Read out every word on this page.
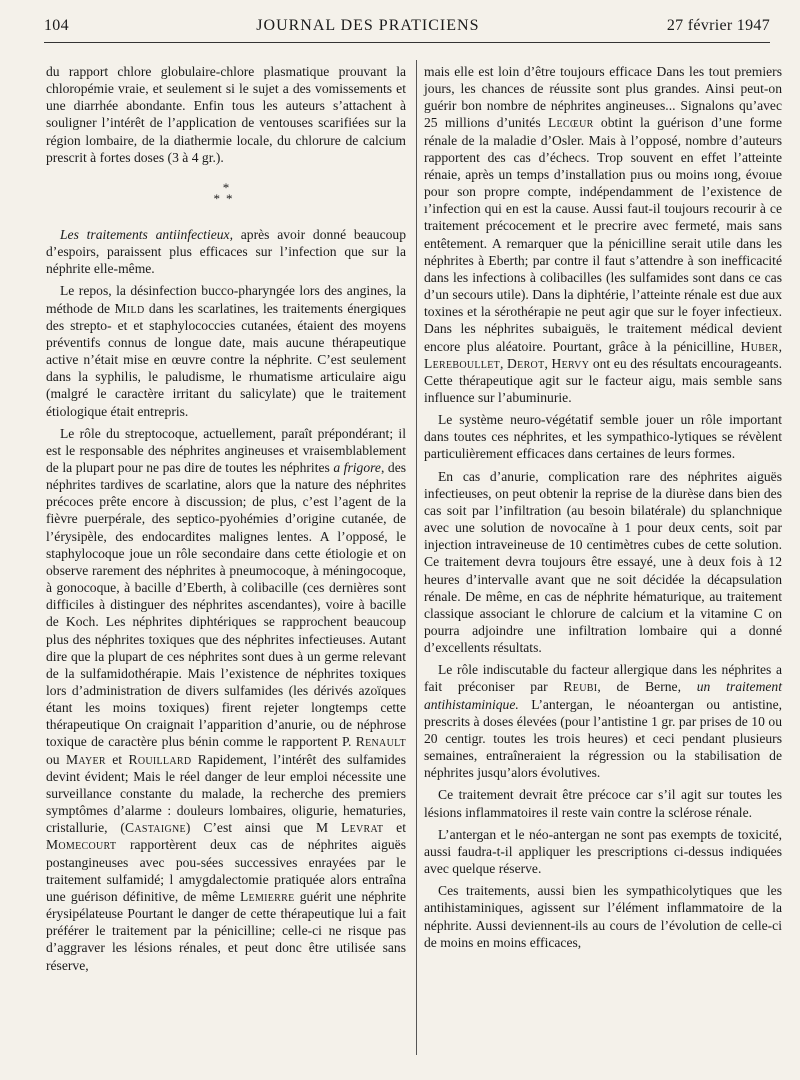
104	JOURNAL DES PRATICIENS	27 février 1947

du rapport chlore globulaire-chlore plasmatique prouvant la chloropémie vraie, et seulement si le sujet a des vomissements et une diarrhée abondante. Enfin tous les auteurs s’attachent à souligner l’intérêt de l’application de ventouses scarifiées sur la région lombaire, de la diathermie locale, du chlorure de calcium prescrit à fortes doses (3 à 4 gr.).

*
**

Les traitements antiinfectieux, après avoir donné beaucoup d’espoirs, paraissent plus efficaces sur l’infection que sur la néphrite elle-même.

Le repos, la désinfection bucco-pharyngée lors des angines, la méthode de Mild dans les scarlatines, les traitements énergiques des strepto- et et staphylococcies cutanées, étaient des moyens préventifs connus de longue date, mais aucune thérapeutique active n’était mise en œuvre contre la néphrite. C’est seulement dans la syphilis, le paludisme, le rhumatisme articulaire aigu (malgré le caractère irritant du salicylate) que le traitement étiologique était entrepris.

Le rôle du streptocoque, actuellement, paraît prépondérant; il est le responsable des néphrites angineuses et vraisemblablement de la plupart pour ne pas dire de toutes les néphrites a frigore, des néphrites tardives de scarlatine, alors que la nature des néphrites précoces prête encore à discussion; de plus, c’est l’agent de la fièvre puerpérale, des septico-pyohémies d’origine cutanée, de l’érysipèle, des endocardites malignes lentes. A l’opposé, le staphylocoque joue un rôle secondaire dans cette étiologie et on observe rarement des néphrites à pneumocoque, à méningocoque, à gonocoque, à bacille d’Eberth, à colibacille (ces dernières sont difficiles à distinguer des néphrites ascendantes), voire à bacille de Koch. Les néphrites diphtériques se rapprochent beaucoup plus des néphrites toxiques que des néphrites infectieuses. Autant dire que la plupart de ces néphrites sont dues à un germe relevant de la sulfamidothérapie. Mais l’existence de néphrites toxiques lors d’administration de divers sulfamides (les dérivés azoïques étant les moins toxiques) firent rejeter longtemps cette thérapeutique On craignait l’apparition d’anurie, ou de néphrose toxique de caractère plus bénin comme le rapportent P. Renault ou Mayer et Rouillard Rapidement, l’intérêt des sulfamides devint évident; Mais le réel danger de leur emploi nécessite une surveillance constante du malade, la recherche des premiers symptômes d’alarme : douleurs lombaires, oligurie, hematuries, cristallurie, (Castaigne) C’est ainsi que M Levrat et Momecourt rapportèrent deux cas de néphrites aiguës postangineuses avec pou-sées successives enrayées par le traitement sulfamidé; l amygdalectomie pratiquée alors entraîna une guérison définitive, de même Lemierre guérit une néphrite érysipélateuse Pourtant le danger de cette thérapeutique lui a fait préférer le traitement par la pénicilline; celle-ci ne risque pas d’aggraver les lésions rénales, et peut donc être utilisée sans réserve,

mais elle est loin d’être toujours efficace Dans les tout premiers jours, les chances de réussite sont plus grandes. Ainsi peut-on guérir bon nombre de néphrites angineuses... Signalons qu’avec 25 millions d’unités Lecœur obtint la guérison d’une forme rénale de la maladie d’Osler. Mais à l’opposé, nombre d’auteurs rapportent des cas d’échecs. Trop souvent en effet l’atteinte rénaie, après un temps d’installation pıus ou moins ıong, évoıue pour son propre compte, indépendamment de l’existence de ı’infection qui en est la cause. Aussi faut-il toujours recourir à ce traitement précocement et le precrire avec fermeté, mais sans entêtement. A remarquer que la pénicilline serait utile dans les néphrites à Eberth; par contre il faut s’attendre à son inefficacité dans les infections à colibacilles (les sulfamides sont dans ce cas d’un secours utile). Dans la diphtérie, l’atteinte rénale est due aux toxines et la sérothérapie ne peut agir que sur le foyer infectieux. Dans les néphrites subaiguës, le traitement médical devient encore plus aléatoire. Pourtant, grâce à la pénicilline, Huber, Lereboullet, Derot, Hervy ont eu des résultats encourageants. Cette thérapeutique agit sur le facteur aigu, mais semble sans influence sur l’abuminurie.

Le système neuro-végétatif semble jouer un rôle important dans toutes ces néphrites, et les sympathico-lytiques se révèlent particulièrement efficaces dans certaines de leurs formes.

En cas d’anurie, complication rare des néphrites aiguës infectieuses, on peut obtenir la reprise de la diurèse dans bien des cas soit par l’infiltration (au besoin bilatérale) du splanchnique avec une solution de novocaïne à 1 pour deux cents, soit par injection intraveineuse de 10 centimètres cubes de cette solution. Ce traitement devra toujours être essayé, une à deux fois à 12 heures d’intervalle avant que ne soit décidée la décapsulation rénale. De même, en cas de néphrite hématurique, au traitement classique associant le chlorure de calcium et la vitamine C on pourra adjoindre une infiltration lombaire qui a donné d’excellents résultats.

Le rôle indiscutable du facteur allergique dans les néphrites a fait préconiser par Reubi, de Berne, un traitement antihistaminique. L’antergan, le néoantergan ou antistine, prescrits à doses élevées (pour l’antistine 1 gr. par prises de 10 ou 20 centigr. toutes les trois heures) et ceci pendant plusieurs semaines, entraîneraient la régression ou la stabilisation de néphrites jusqu’alors évolutives.

Ce traitement devrait être précoce car s’il agit sur toutes les lésions inflammatoires il reste vain contre la sclérose rénale.

L’antergan et le néo-antergan ne sont pas exempts de toxicité, aussi faudra-t-il appliquer les prescriptions ci-dessus indiquées avec quelque réserve.

Ces traitements, aussi bien les sympathicolytiques que les antihistaminiques, agissent sur l’élément inflammatoire de la néphrite. Aussi deviennent-ils au cours de l’évolution de celle-ci de moins en moins efficaces,
